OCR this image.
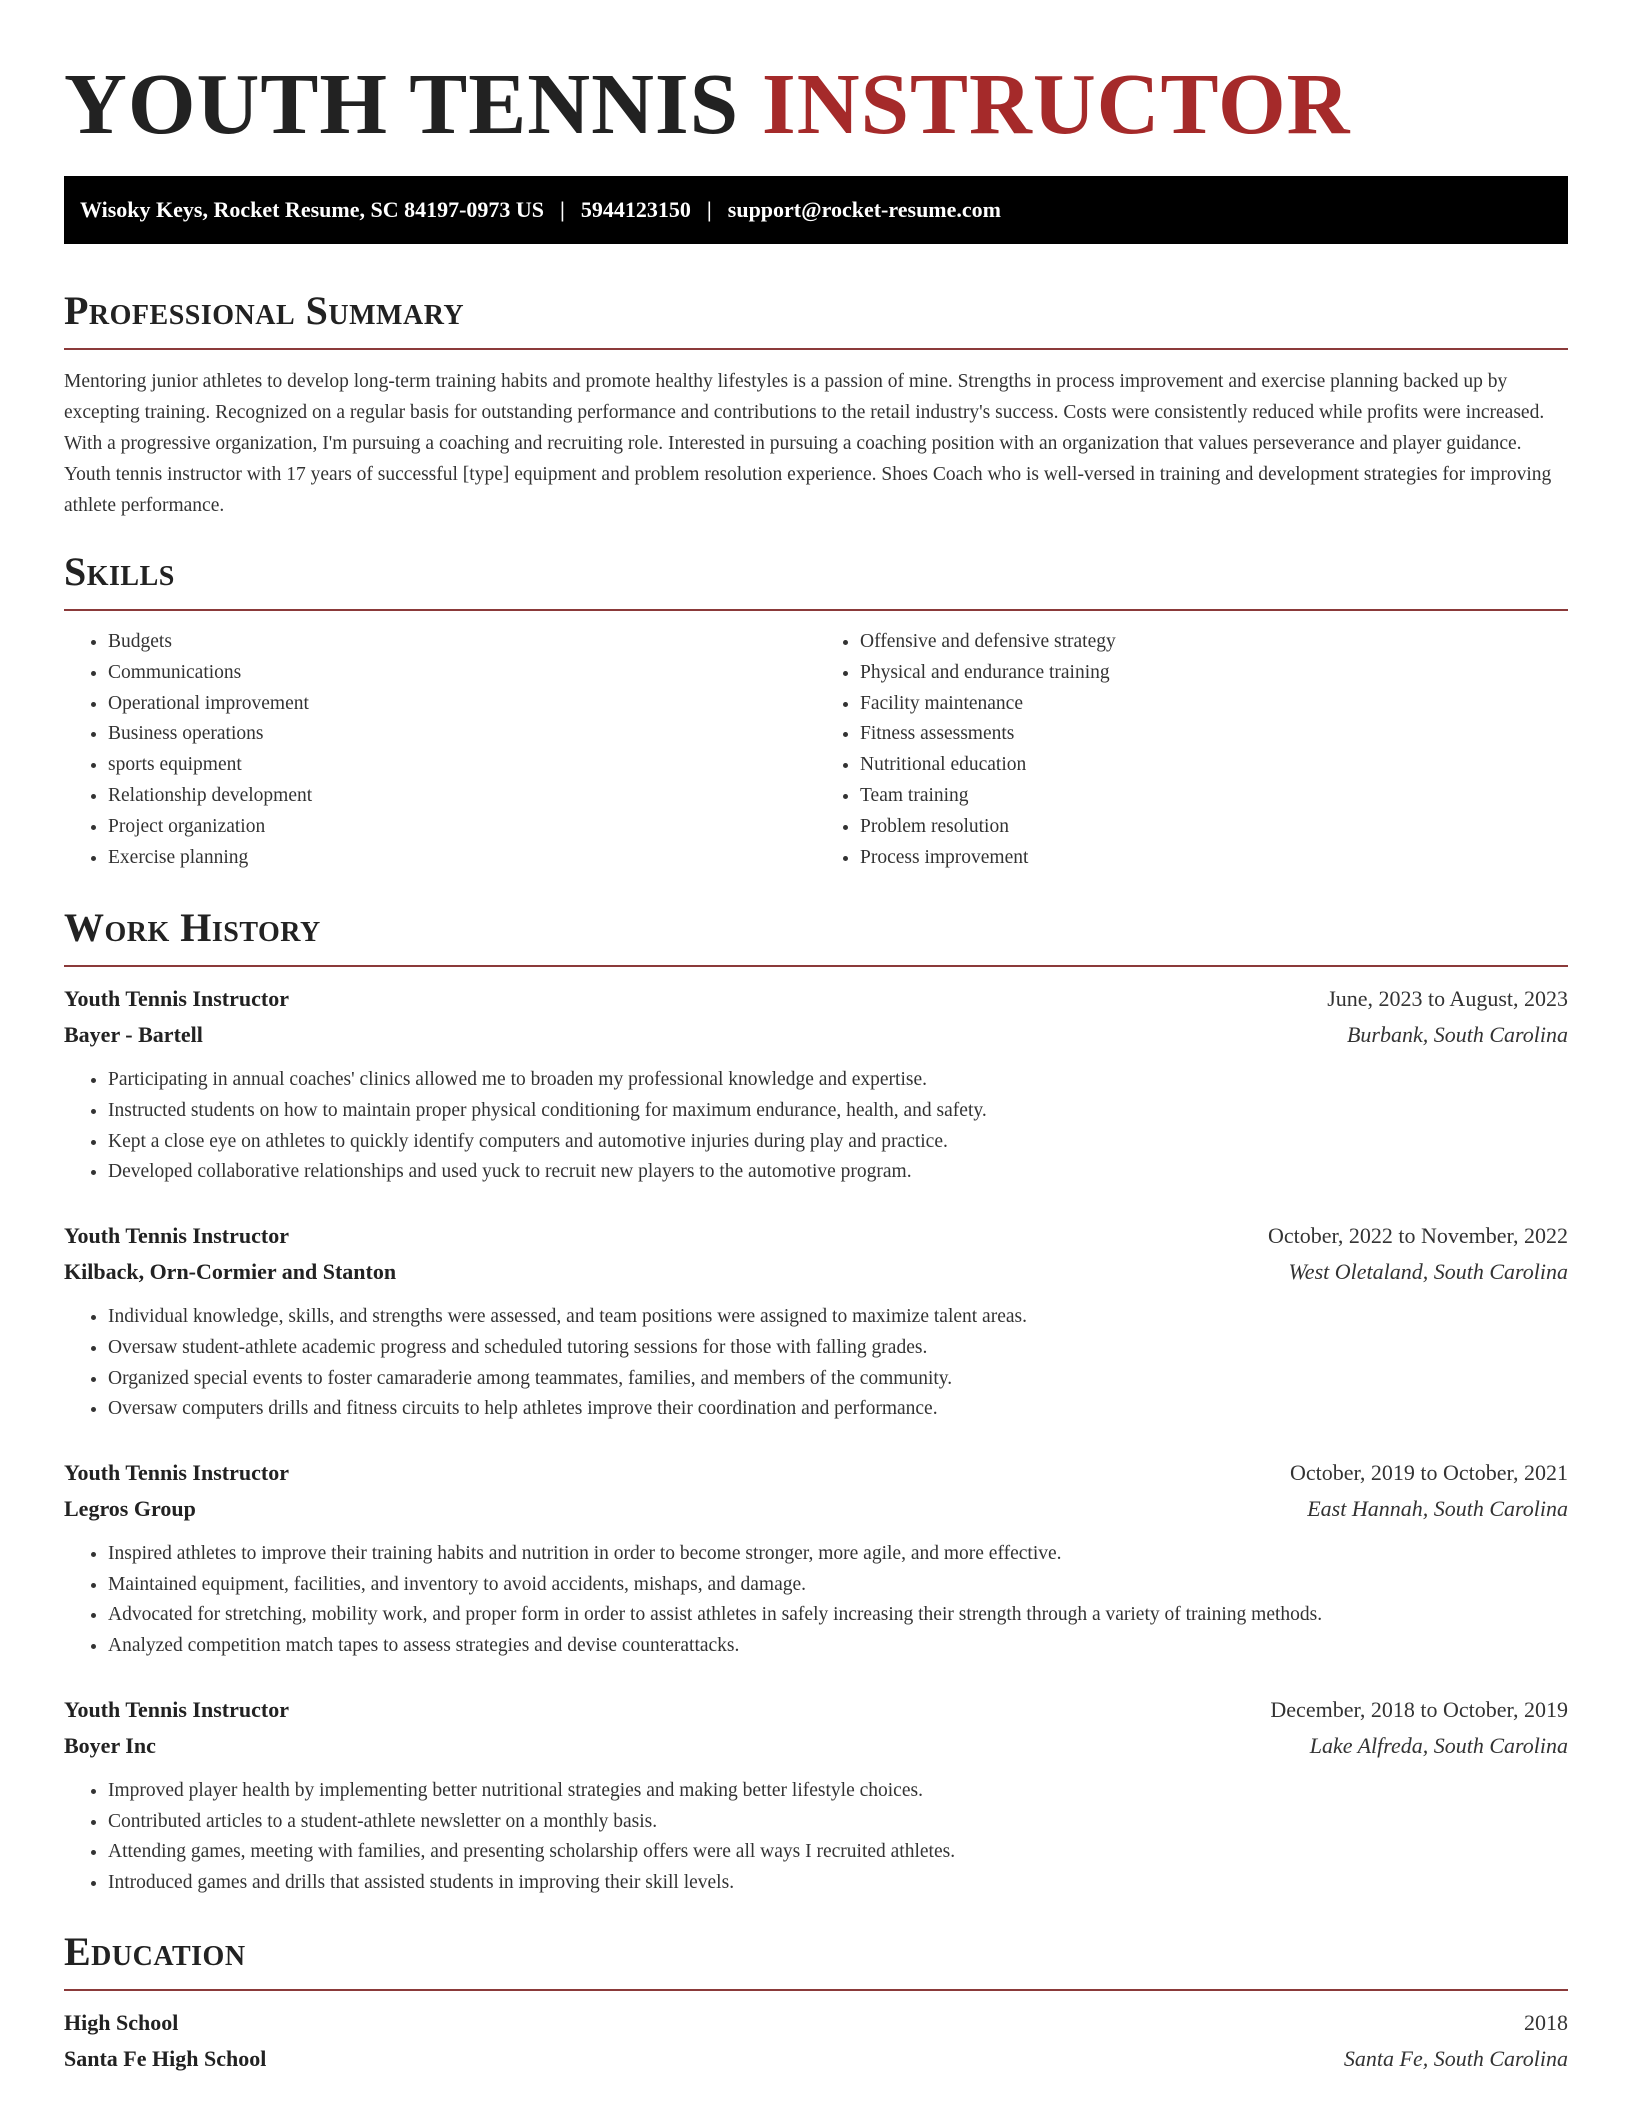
YOUTH TENNIS INSTRUCTOR
Wisoky Keys, Rocket Resume, SC 84197-0973 US | 5944123150 | support@rocket-resume.com
Professional Summary

Mentoring junior athletes to develop long-term training habits and promote healthy lifestyles is a passion of mine. Strengths in process improvement and exercise planning backed up by excepting training. Recognized on a regular basis for outstanding performance and contributions to the retail industry's success. Costs were consistently reduced while profits were increased. With a progressive organization, I'm pursuing a coaching and recruiting role. Interested in pursuing a coaching position with an organization that values perseverance and player guidance. Youth tennis instructor with 17 years of successful [type] equipment and problem resolution experience. Shoes Coach who is well-versed in training and development strategies for improving athlete performance.

Skills
• Budgets
• Communications
• Operational improvement
• Business operations
• sports equipment
• Relationship development
• Project organization
• Exercise planning
• Offensive and defensive strategy
• Physical and endurance training
• Facility maintenance
• Fitness assessments
• Nutritional education
• Team training
• Problem resolution
• Process improvement
Work History
Youth Tennis Instructor	June, 2023 to August, 2023
Bayer - Bartell	Burbank, South Carolina
• Participating in annual coaches' clinics allowed me to broaden my professional knowledge and expertise.
• Instructed students on how to maintain proper physical conditioning for maximum endurance, health, and safety.
• Kept a close eye on athletes to quickly identify computers and automotive injuries during play and practice.
• Developed collaborative relationships and used yuck to recruit new players to the automotive program.
Youth Tennis Instructor	October, 2022 to November, 2022
Kilback, Orn-Cormier and Stanton	West Oletaland, South Carolina
• Individual knowledge, skills, and strengths were assessed, and team positions were assigned to maximize talent areas.
• Oversaw student-athlete academic progress and scheduled tutoring sessions for those with falling grades.
• Organized special events to foster camaraderie among teammates, families, and members of the community.
• Oversaw computers drills and fitness circuits to help athletes improve their coordination and performance.
Youth Tennis Instructor	October, 2019 to October, 2021
Legros Group	East Hannah, South Carolina
• Inspired athletes to improve their training habits and nutrition in order to become stronger, more agile, and more effective.
• Maintained equipment, facilities, and inventory to avoid accidents, mishaps, and damage.
• Advocated for stretching, mobility work, and proper form in order to assist athletes in safely increasing their strength through a variety of training methods.
• Analyzed competition match tapes to assess strategies and devise counterattacks.
Youth Tennis Instructor	December, 2018 to October, 2019
Boyer Inc	Lake Alfreda, South Carolina
• Improved player health by implementing better nutritional strategies and making better lifestyle choices.
• Contributed articles to a student-athlete newsletter on a monthly basis.
• Attending games, meeting with families, and presenting scholarship offers were all ways I recruited athletes.
• Introduced games and drills that assisted students in improving their skill levels.
Education
High School	2018
Santa Fe High School	Santa Fe, South Carolina
